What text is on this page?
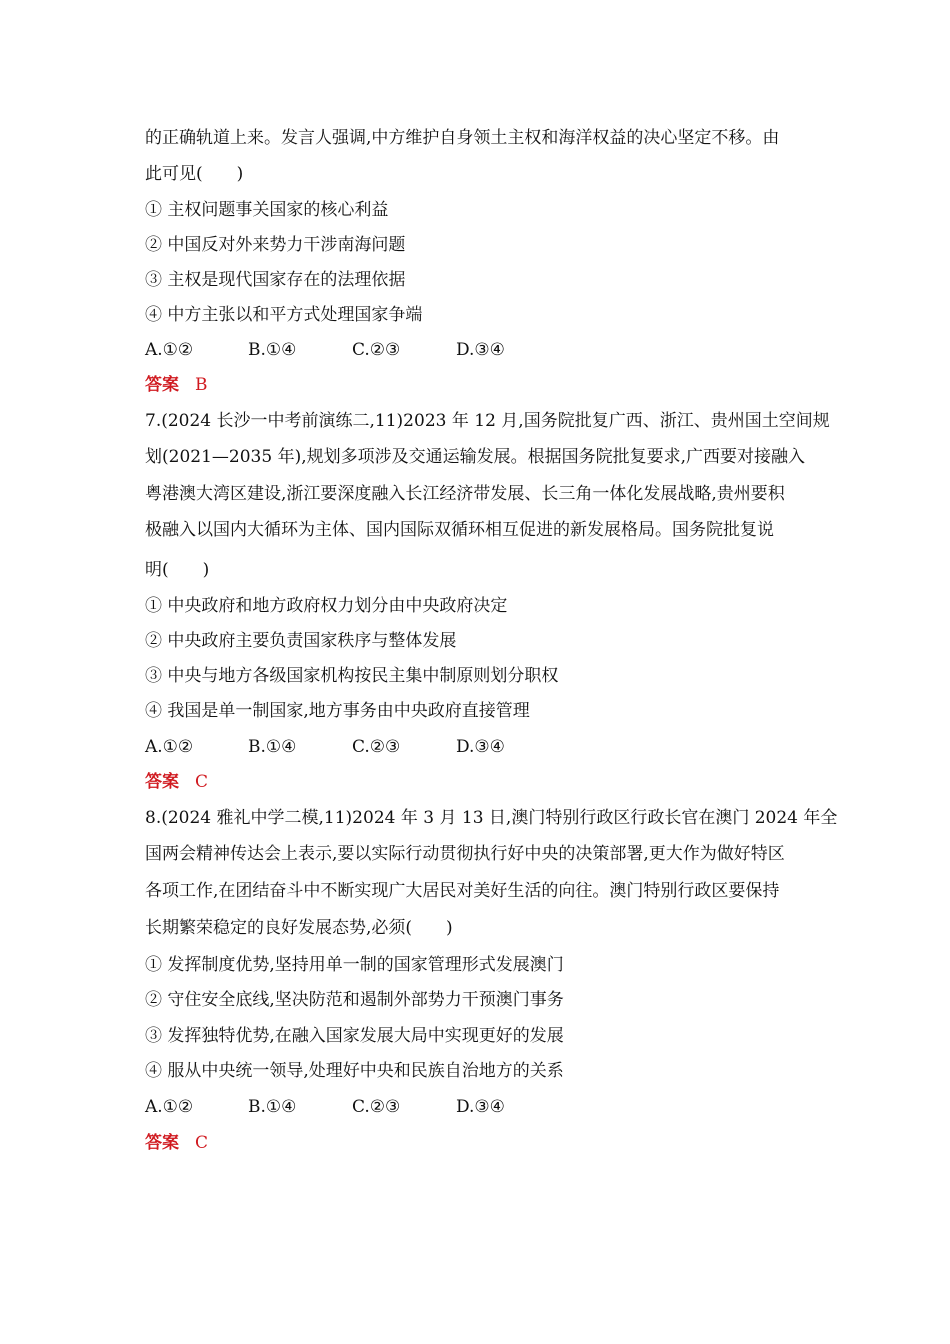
的正确轨道上来。发言人强调,中方维护自身领土主权和海洋权益的决心坚定不移。由
此可见(　　)
① 主权问题事关国家的核心利益
② 中国反对外来势力干涉南海问题
③ 主权是现代国家存在的法理依据
④ 中方主张以和平方式处理国家争端
A.①②	B.①④	C.②③	D.③④
答案 B
7.(2024 长沙一中考前演练二,11)2023 年 12 月,国务院批复广西、浙江、贵州国土空间规
划(2021—2035 年),规划多项涉及交通运输发展。根据国务院批复要求,广西要对接融入
粤港澳大湾区建设,浙江要深度融入长江经济带发展、长三角一体化发展战略,贵州要积
极融入以国内大循环为主体、国内国际双循环相互促进的新发展格局。国务院批复说
明(　　)
① 中央政府和地方政府权力划分由中央政府决定
② 中央政府主要负责国家秩序与整体发展
③ 中央与地方各级国家机构按民主集中制原则划分职权
④ 我国是单一制国家,地方事务由中央政府直接管理
A.①②	B.①④	C.②③	D.③④
答案 C
8.(2024 雅礼中学二模,11)2024 年 3 月 13 日,澳门特别行政区行政长官在澳门 2024 年全
国两会精神传达会上表示,要以实际行动贯彻执行好中央的决策部署,更大作为做好特区
各项工作,在团结奋斗中不断实现广大居民对美好生活的向往。澳门特别行政区要保持
长期繁荣稳定的良好发展态势,必须(　　)
① 发挥制度优势,坚持用单一制的国家管理形式发展澳门
② 守住安全底线,坚决防范和遏制外部势力干预澳门事务
③ 发挥独特优势,在融入国家发展大局中实现更好的发展
④ 服从中央统一领导,处理好中央和民族自治地方的关系
A.①②	B.①④	C.②③	D.③④
答案 C
